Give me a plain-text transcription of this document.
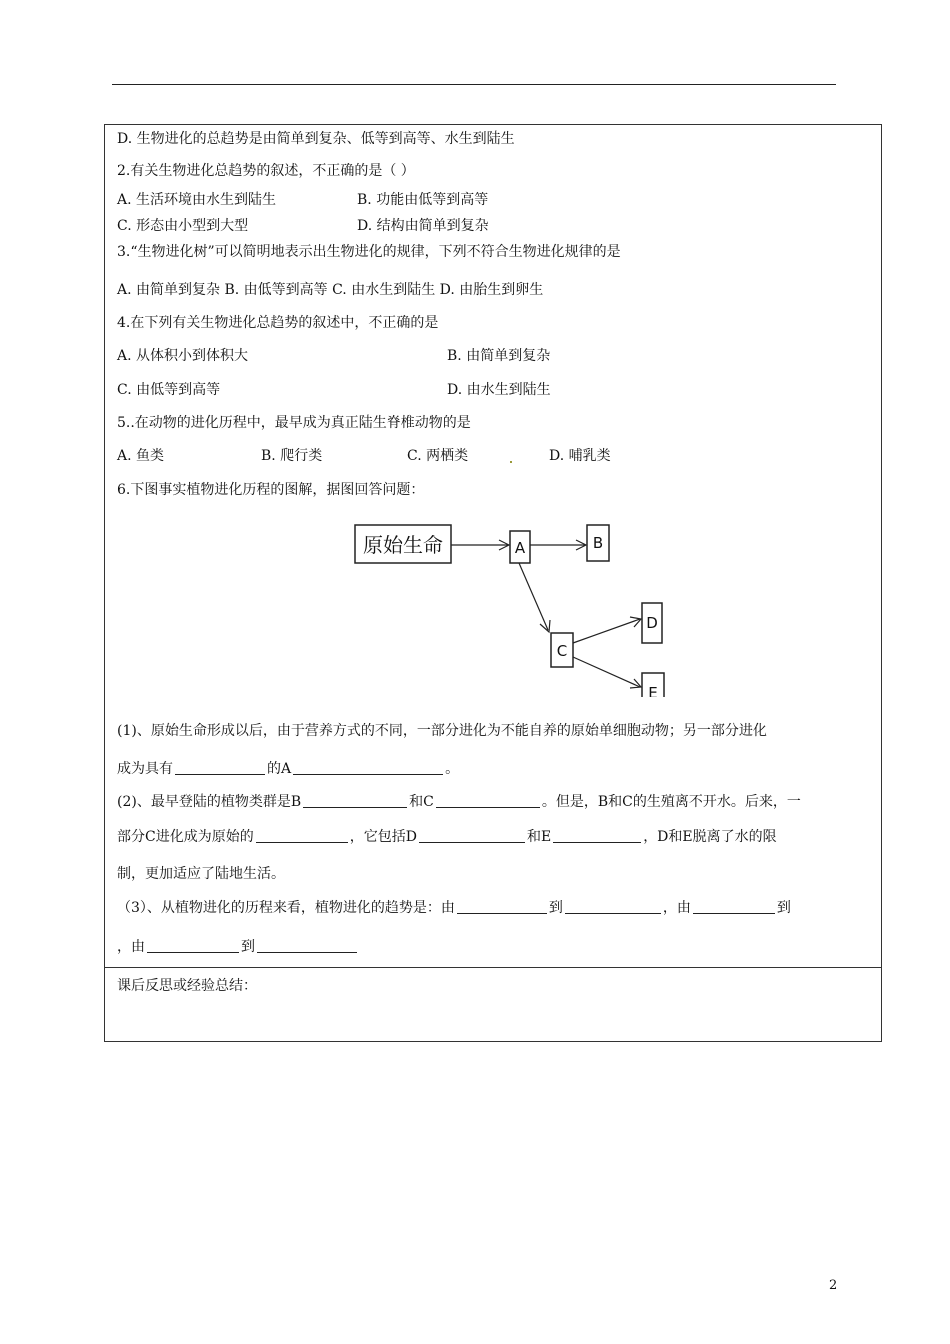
D. 生物进化的总趋势是由简单到复杂、低等到高等、水生到陆生
2.有关生物进化总趋势的叙述，不正确的是（ ）
A. 生活环境由水生到陆生	B. 功能由低等到高等
C. 形态由小型到大型	D. 结构由简单到复杂
3.“生物进化树”可以简明地表示出生物进化的规律，下列不符合生物进化规律的是
A. 由简单到复杂 B. 由低等到高等 C. 由水生到陆生 D. 由胎生到卵生
4.在下列有关生物进化总趋势的叙述中，不正确的是
A. 从体积小到体积大	B. 由简单到复杂
C. 由低等到高等	D. 由水生到陆生
5..在动物的进化历程中，最早成为真正陆生脊椎动物的是
A. 鱼类	B. 爬行类	C. 两栖类	D. 哺乳类
6.下图事实植物进化历程的图解，据图回答问题：
原始生命	A	B
C
D
E
(1)、原始生命形成以后，由于营养方式的不同，一部分进化为不能自养的原始单细胞动物；另一部分进化
成为具有	的A	。
(2)、最早登陆的植物类群是B	和C	。但是，B和C的生殖离不开水。后来，一
部分C进化成为原始的	，它包括D	和E	，D和E脱离了水的限
制，更加适应了陆地生活。
（3）、从植物进化的历程来看，植物进化的趋势是：由	到	，由	到
，由	到
课后反思或经验总结：
2
